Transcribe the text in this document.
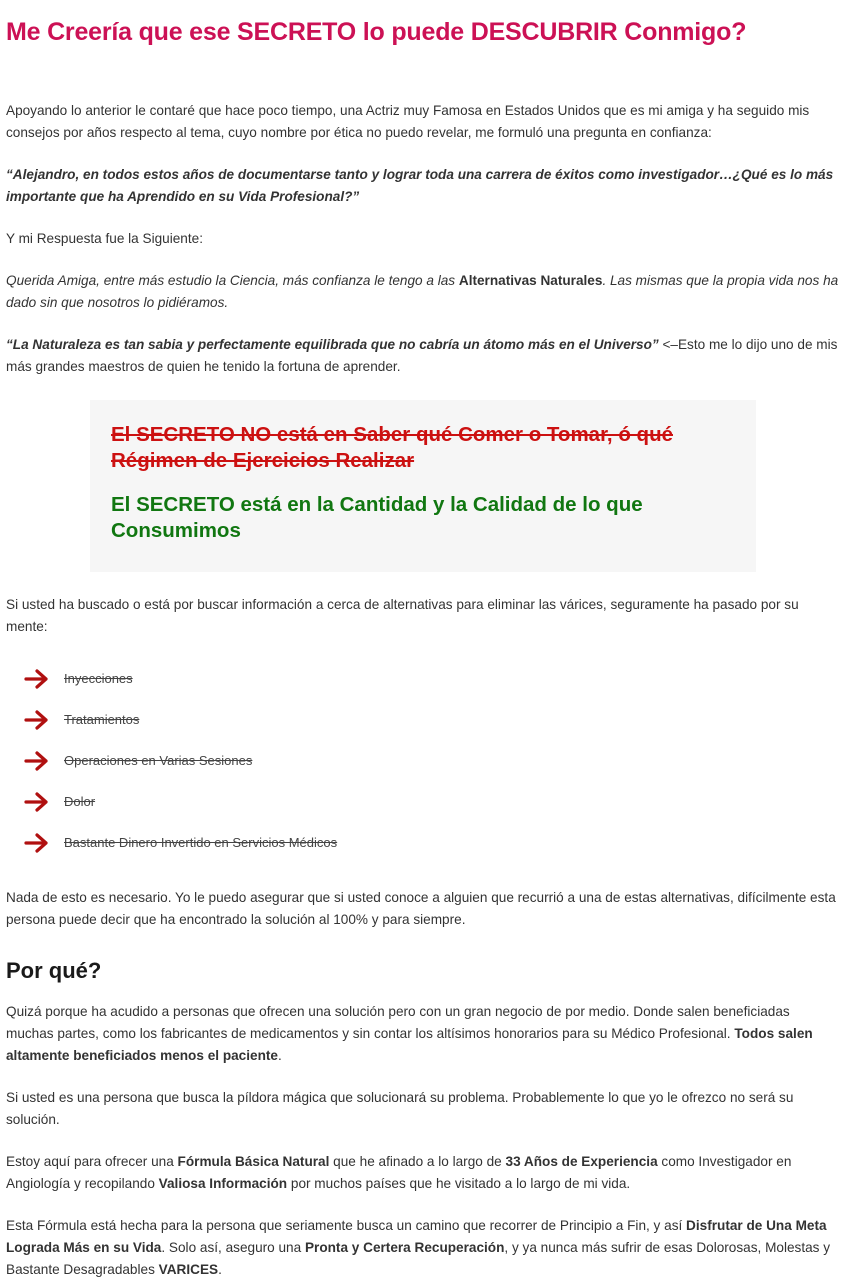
Me Creería que ese SECRETO lo puede DESCUBRIR Conmigo?

Apoyando lo anterior le contaré que hace poco tiempo, una Actriz muy Famosa en Estados Unidos que es mi amiga y ha seguido mis consejos por años respecto al tema, cuyo nombre por ética no puedo revelar, me formuló una pregunta en confianza:

“Alejandro, en todos estos años de documentarse tanto y lograr toda una carrera de éxitos como investigador…¿Qué es lo más importante que ha Aprendido en su Vida Profesional?”

Y mi Respuesta fue la Siguiente:

Querida Amiga, entre más estudio la Ciencia, más confianza le tengo a las Alternativas Naturales. Las mismas que la propia vida nos ha dado sin que nosotros lo pidiéramos.

“La Naturaleza es tan sabia y perfectamente equilibrada que no cabría un átomo más en el Universo” <–Esto me lo dijo uno de mis más grandes maestros de quien he tenido la fortuna de aprender.

El SECRETO NO está en Saber qué Comer o Tomar, ó qué Régimen de Ejercicios Realizar
El SECRETO está en la Cantidad y la Calidad de lo que Consumimos

Si usted ha buscado o está por buscar información a cerca de alternativas para eliminar las várices, seguramente ha pasado por su mente:

Inyecciones
Tratamientos
Operaciones en Varias Sesiones
Dolor
Bastante Dinero Invertido en Servicios Médicos

Nada de esto es necesario. Yo le puedo asegurar que si usted conoce a alguien que recurrió a una de estas alternativas, difícilmente esta persona puede decir que ha encontrado la solución al 100% y para siempre.

Por qué?

Quizá porque ha acudido a personas que ofrecen una solución pero con un gran negocio de por medio. Donde salen beneficiadas muchas partes, como los fabricantes de medicamentos y sin contar los altísimos honorarios para su Médico Profesional. Todos salen altamente beneficiados menos el paciente.

Si usted es una persona que busca la píldora mágica que solucionará su problema. Probablemente lo que yo le ofrezco no será su solución.

Estoy aquí para ofrecer una Fórmula Básica Natural que he afinado a lo largo de 33 Años de Experiencia como Investigador en Angiología y recopilando Valiosa Información por muchos países que he visitado a lo largo de mi vida.

Esta Fórmula está hecha para la persona que seriamente busca un camino que recorrer de Principio a Fin, y así Disfrutar de Una Meta Lograda Más en su Vida. Solo así, aseguro una Pronta y Certera Recuperación, y ya nunca más sufrir de esas Dolorosas, Molestas y Bastante Desagradables VARICES.
